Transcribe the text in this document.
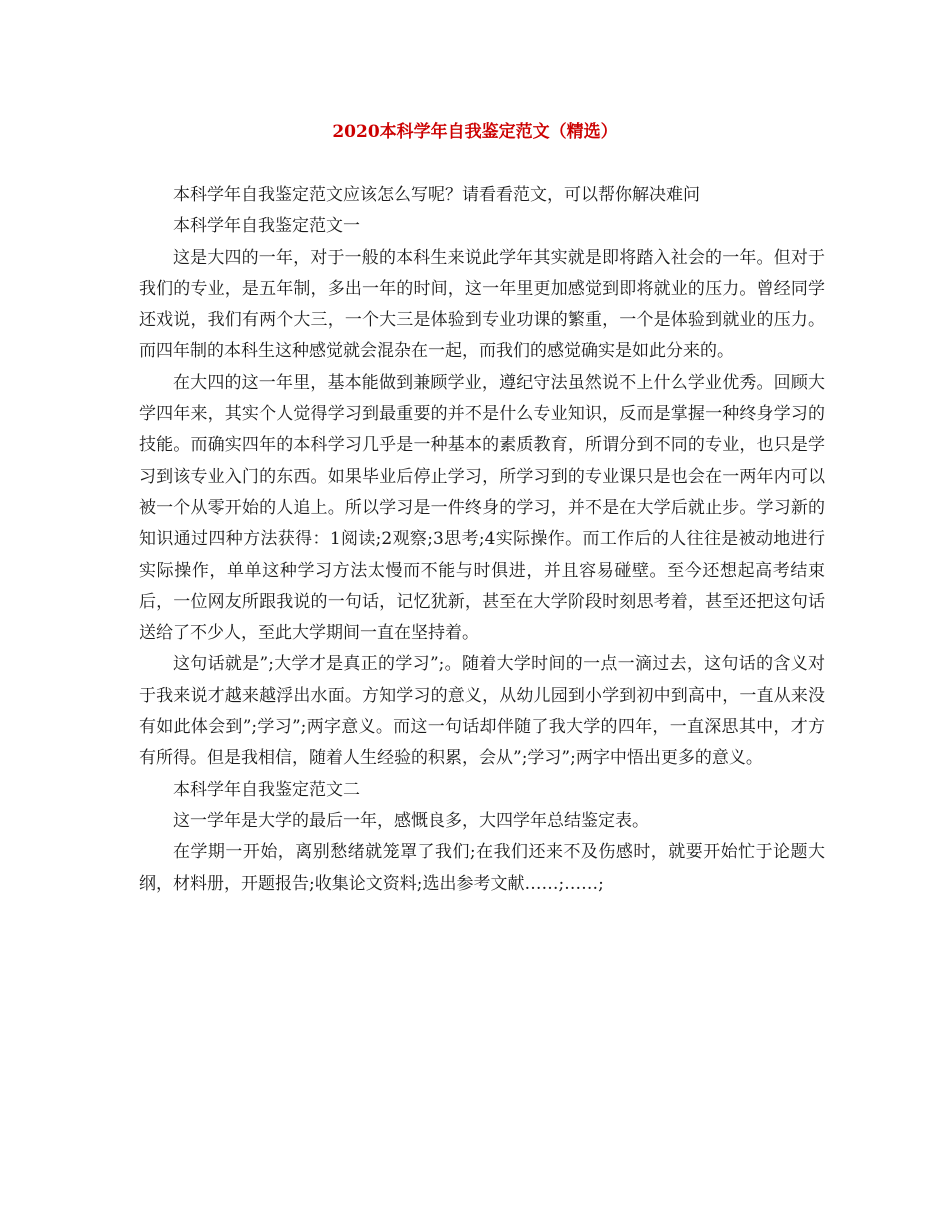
2020本科学年自我鉴定范文（精选）

本科学年自我鉴定范文应该怎么写呢？请看看范文，可以帮你解决难问

本科学年自我鉴定范文一

这是大四的一年，对于一般的本科生来说此学年其实就是即将踏入社会的一年。但对于我们的专业，是五年制，多出一年的时间，这一年里更加感觉到即将就业的压力。曾经同学还戏说，我们有两个大三，一个大三是体验到专业功课的繁重，一个是体验到就业的压力。而四年制的本科生这种感觉就会混杂在一起，而我们的感觉确实是如此分来的。

在大四的这一年里，基本能做到兼顾学业，遵纪守法虽然说不上什么学业优秀。回顾大学四年来，其实个人觉得学习到最重要的并不是什么专业知识，反而是掌握一种终身学习的技能。而确实四年的本科学习几乎是一种基本的素质教育，所谓分到不同的专业，也只是学习到该专业入门的东西。如果毕业后停止学习，所学习到的专业课只是也会在一两年内可以被一个从零开始的人追上。所以学习是一件终身的学习，并不是在大学后就止步。学习新的知识通过四种方法获得：1阅读;2观察;3思考;4实际操作。而工作后的人往往是被动地进行实际操作，单单这种学习方法太慢而不能与时俱进，并且容易碰壁。至今还想起高考结束后，一位网友所跟我说的一句话，记忆犹新，甚至在大学阶段时刻思考着，甚至还把这句话送给了不少人，至此大学期间一直在坚持着。

这句话就是”;大学才是真正的学习”;。随着大学时间的一点一滴过去，这句话的含义对于我来说才越来越浮出水面。方知学习的意义，从幼儿园到小学到初中到高中，一直从来没有如此体会到”;学习”;两字意义。而这一句话却伴随了我大学的四年，一直深思其中，才方有所得。但是我相信，随着人生经验的积累，会从”;学习”;两字中悟出更多的意义。

本科学年自我鉴定范文二

这一学年是大学的最后一年，感慨良多，大四学年总结鉴定表。

在学期一开始，离别愁绪就笼罩了我们;在我们还来不及伤感时，就要开始忙于论题大纲，材料册，开题报告;收集论文资料;选出参考文献……;……;
